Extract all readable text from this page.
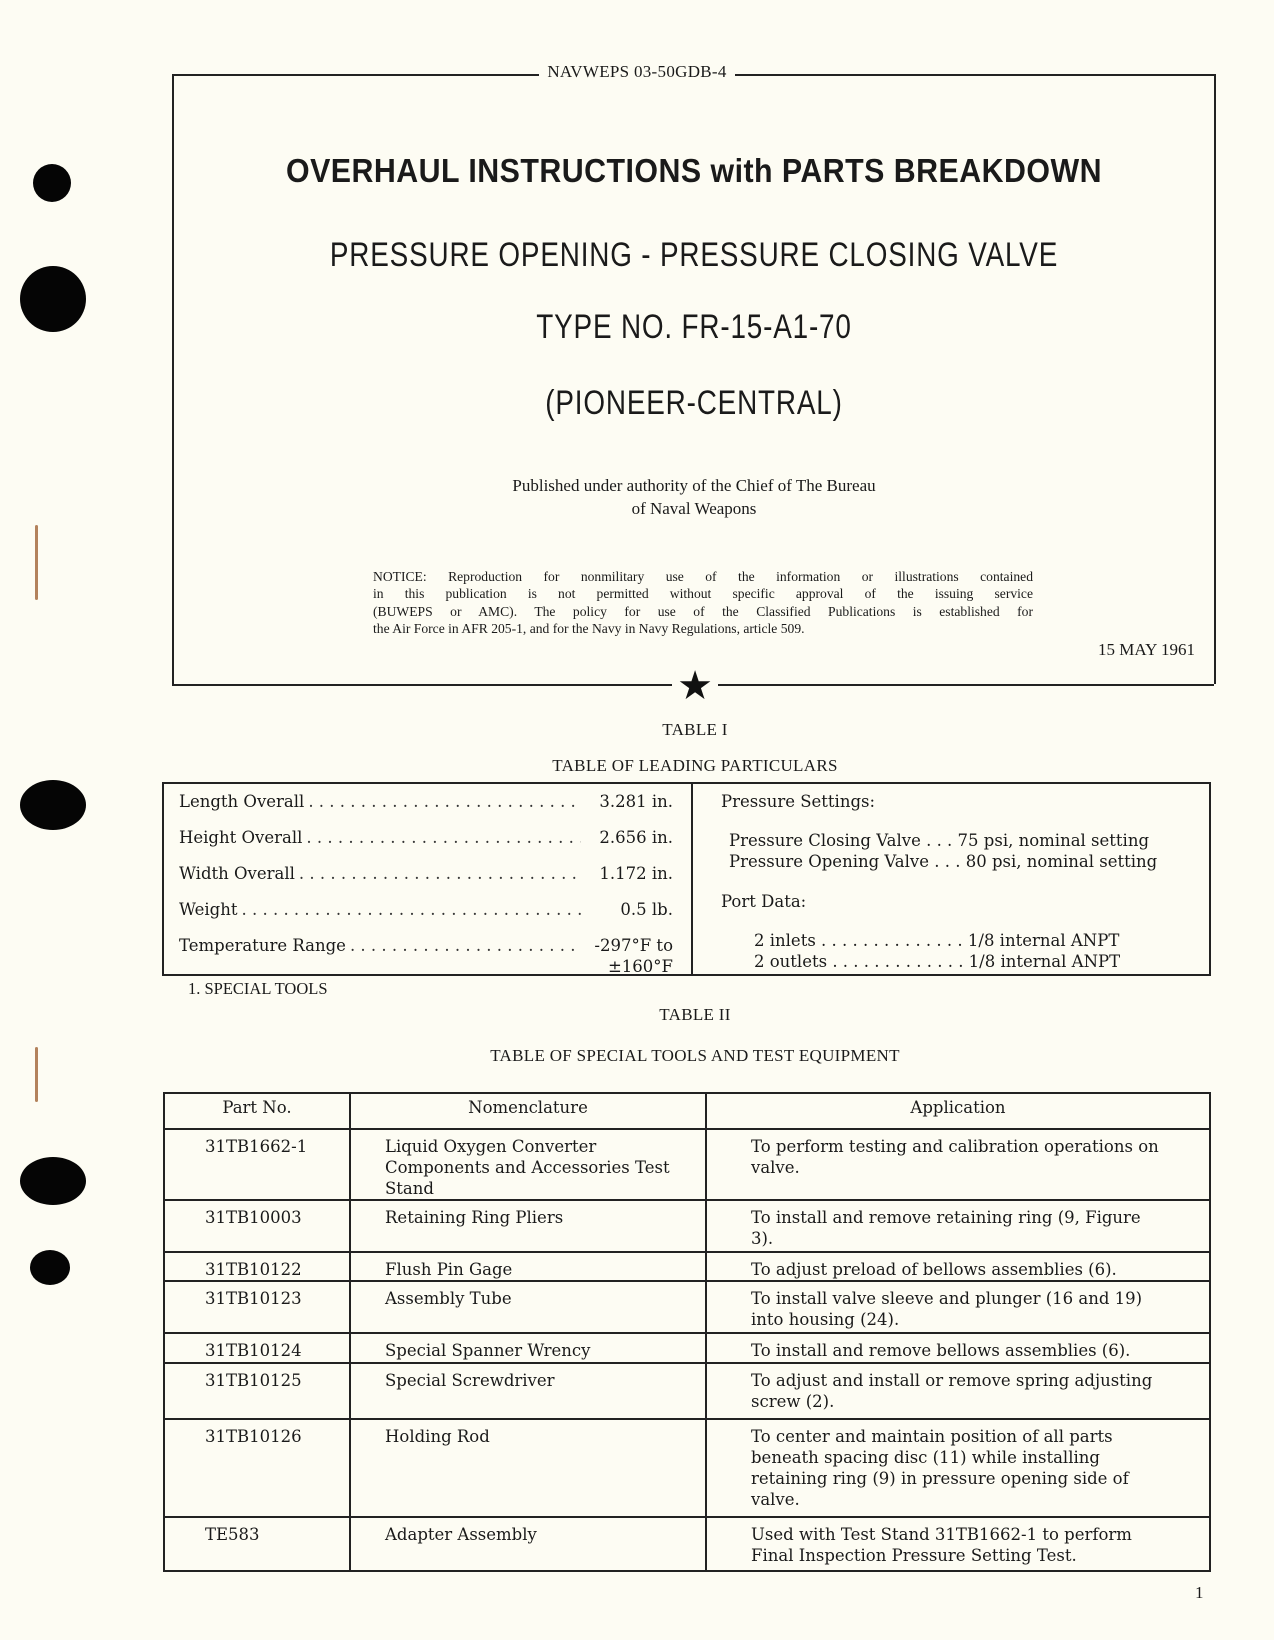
NAVWEPS 03-50GDB-4
OVERHAUL INSTRUCTIONS with PARTS BREAKDOWN
PRESSURE OPENING - PRESSURE CLOSING VALVE
TYPE NO. FR-15-A1-70
(PIONEER-CENTRAL)
Published under authority of the Chief of The Bureau
of Naval Weapons
NOTICE: Reproduction for nonmilitary use of the information or illustrations contained
in this publication is not permitted without specific approval of the issuing service
(BUWEPS or AMC). The policy for use of the Classified Publications is established for
the Air Force in AFR 205-1, and for the Navy in Navy Regulations, article 509.
15 MAY 1961
★
TABLE I
TABLE OF LEADING PARTICULARS
Length Overall . . .	3.281 in.
Height Overall . . .	2.656 in.
Width Overall . . .	1.172 in.
Weight . . .	0.5 lb.
Temperature Range . . .	-297°F to
±160°F
Pressure Settings:
Pressure Closing Valve . . . 75 psi, nominal setting
Pressure Opening Valve . . . 80 psi, nominal setting
Port Data:
2 inlets . . . . . . . . . . . . . . 1/8 internal ANPT
2 outlets . . . . . . . . . . . . . 1/8 internal ANPT
1. SPECIAL TOOLS
TABLE II
TABLE OF SPECIAL TOOLS AND TEST EQUIPMENT
Part No.	Nomenclature	Application
31TB1662-1	Liquid Oxygen Converter Components and Accessories Test Stand	To perform testing and calibration operations on valve.
31TB10003	Retaining Ring Pliers	To install and remove retaining ring (9, Figure 3).
31TB10122	Flush Pin Gage	To adjust preload of bellows assemblies (6).
31TB10123	Assembly Tube	To install valve sleeve and plunger (16 and 19) into housing (24).
31TB10124	Special Spanner Wrency	To install and remove bellows assemblies (6).
31TB10125	Special Screwdriver	To adjust and install or remove spring adjusting screw (2).
31TB10126	Holding Rod	To center and maintain position of all parts beneath spacing disc (11) while installing retaining ring (9) in pressure opening side of valve.
TE583	Adapter Assembly	Used with Test Stand 31TB1662-1 to perform Final Inspection Pressure Setting Test.
1
